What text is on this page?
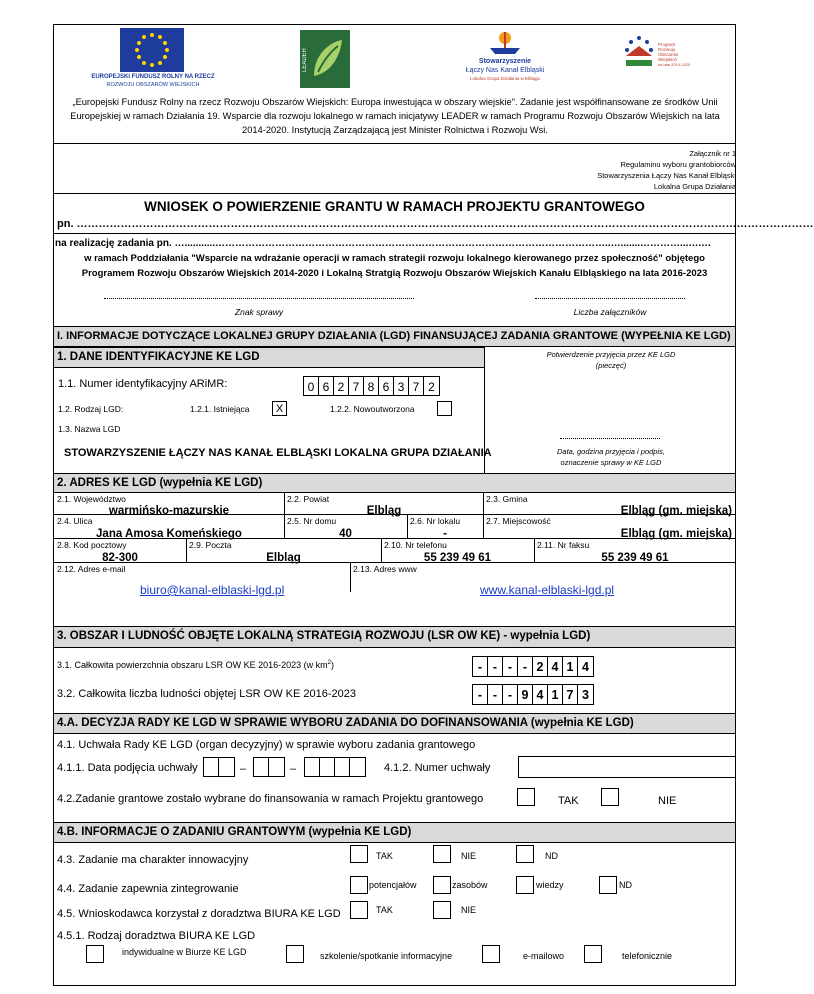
EUROPEJSKI FUNDUSZ ROLNY NA RZECZ
ROZWOJU OBSZARÓW WIEJSKICH
LEADER	Stowarzyszenie
Łączy Nas Kanał Elbląski
Lokalna Grupa Działania w Elblągu
Program
Rozwoju
Obszarów
Wiejskich
na lata 2014-2020
„Europejski Fundusz Rolny na rzecz Rozwoju Obszarów Wiejskich: Europa inwestująca w obszary wiejskie". Zadanie jest współfinansowane ze środków Unii Europejskiej w ramach Działania 19. Wsparcie dla rozwoju lokalnego w ramach inicjatywy LEADER w ramach Programu Rozwoju Obszarów Wiejskich na lata 2014-2020. Instytucją Zarządzającą jest Minister Rolnictwa i Rozwoju Wsi.
Załącznik nr 1
Regulaminu wyboru grantobiorców
Stowarzyszenia Łączy Nas Kanał Elbląski
Lokalna Grupa Działania
WNIOSEK O POWIERZENIE GRANTU W RAMACH PROJEKTU GRANTOWEGO
pn. …………………………………………………………………………………………………………………………………………………………………………………
na realizację zadania pn. …...........………………………………………………………………………………………………………..….......…………...….…
w ramach Poddziałania "Wsparcie na wdrażanie operacji w ramach strategii rozwoju lokalnego kierowanego przez społeczność" objętego
Programem Rozwoju Obszarów Wiejskich 2014-2020 i Lokalną Stratgią Rozwoju Obszarów Wiejskich Kanału Elbląskiego na lata 2016-2023
Znak sprawy	Liczba załączników
I. INFORMACJE DOTYCZĄCE LOKALNEJ GRUPY DZIAŁANIA (LGD) FINANSUJĄCEJ ZADANIA GRANTOWE (WYPEŁNIA KE LGD)
1. DANE IDENTYFIKACYJNE KE LGD	Potwierdzenie przyjęcia przez KE LGD
(pieczęć)
1.1. Numer identyfikacyjny ARiMR:	0 6 2 7 8 6 3 7 2
1.2. Rodzaj LGD:	1.2.1. Istniejąca	X	1.2.2. Nowoutworzona
1.3. Nazwa LGD
STOWARZYSZENIE ŁĄCZY NAS KANAŁ ELBLĄSKI LOKALNA GRUPA DZIAŁANIA	Data, godzina przyjęcia i podpis,
oznaczenie sprawy w KE LGD
2. ADRES KE LGD (wypełnia KE LGD)
2.1. Województwo
warmińsko-mazurskie
2.2. Powiat
Elbląg
2.3. Gmina
Elbląg (gm. miejska)
2.4. Ulica
Jana Amosa Komeńskiego
2.5. Nr domu
40
2.6. Nr lokalu
-
2.7. Miejscowość
Elbląg (gm. miejska)
2.8. Kod pocztowy
82-300
2.9. Poczta
Elbląg
2.10. Nr telefonu
55 239 49 61
2.11. Nr faksu
55 239 49 61
2.12. Adres e-mail
biuro@kanal-elblaski-lgd.pl
2.13. Adres www
www.kanal-elblaski-lgd.pl
3. OBSZAR I LUDNOŚĆ OBJĘTE LOKALNĄ STRATEGIĄ ROZWOJU (LSR OW KE) - wypełnia LGD)
3.1. Całkowita powierzchnia obszaru LSR OW KE 2016-2023 (w $km^2$)	- - - - 2 4 1 4
3.2. Całkowita liczba ludności objętej LSR OW KE 2016-2023	- - - 9 4 1 7 3
4.A. DECYZJA RADY KE LGD W SPRAWIE WYBORU ZADANIA DO DOFINANSOWANIA (wypełnia KE LGD)
4.1. Uchwała Rady KE LGD (organ decyzyjny) w sprawie wyboru zadania grantowego
4.1.1. Data podjęcia uchwały	–	–	4.1.2. Numer uchwały
4.2.Zadanie grantowe zostało wybrane do finansowania w ramach Projektu grantowego	TAK	NIE
4.B. INFORMACJE O ZADANIU GRANTOWYM (wypełnia KE LGD)
4.3. Zadanie ma charakter innowacyjny	TAK	NIE	ND
4.4. Zadanie zapewnia zintegrowanie	potencjałów	zasobów	wiedzy	ND
4.5. Wnioskodawca korzystał z doradztwa BIURA KE LGD	TAK	NIE
4.5.1. Rodzaj doradztwa BIURA KE LGD
indywidualne w Biurze KE LGD	szkolenie/spotkanie informacyjne	e-mailowo	telefonicznie
